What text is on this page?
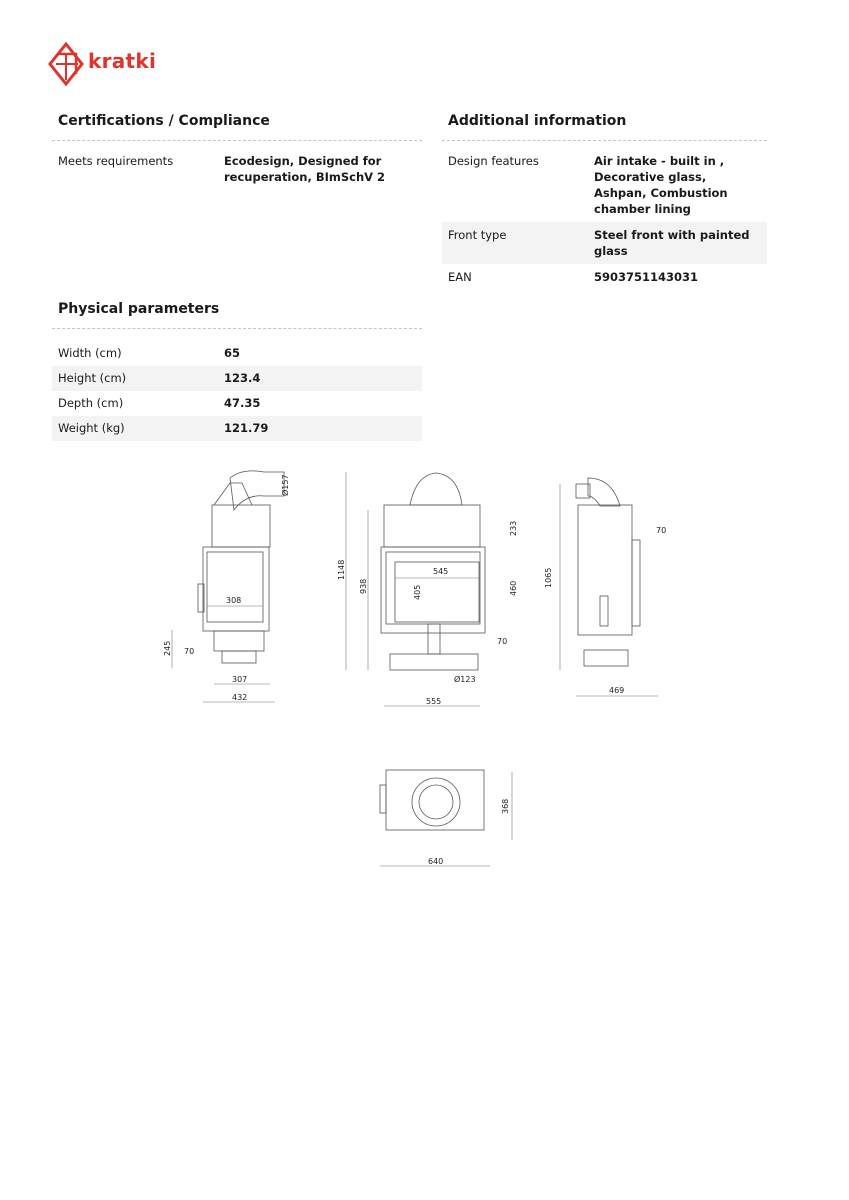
kratki
Certifications / Compliance
Meets requirements	Ecodesign, Designed for recuperation, BImSchV 2
Additional information
Design features	Air intake - built in , Decorative glass, Ashpan, Combustion chamber lining
Front type	Steel front with painted glass
EAN	5903751143031
Physical parameters
Width (cm)	65
Height (cm)	123.4
Depth (cm)	47.35
Weight (kg)	121.79
Ø157
308
245 70
307
432
1148
938
233
545
405	460
70
Ø123
555
1065
70
469
368
640
